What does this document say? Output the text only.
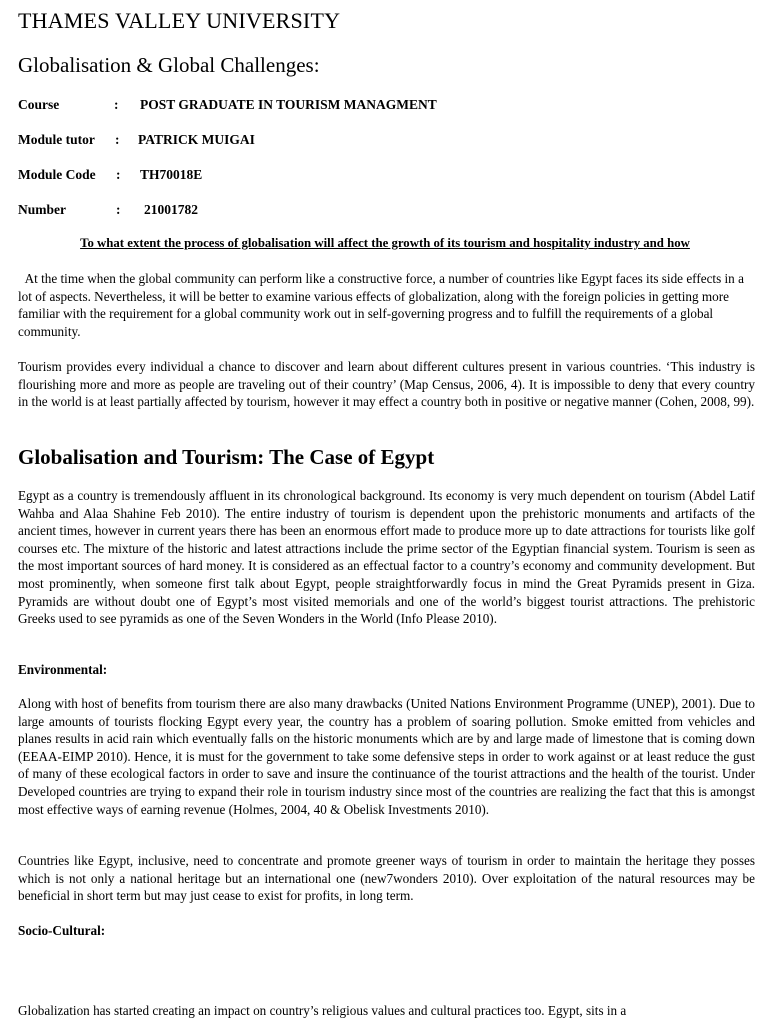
THAMES VALLEY UNIVERSITY
Globalisation & Global Challenges:
Course	: POST GRADUATE IN TOURISM MANAGMENT
Module tutor : PATRICK MUIGAI
Module Code : TH70018E
Number	: 21001782
To what extent the process of globalisation will affect the growth of its tourism and hospitality industry and how

At the time when the global community can perform like a constructive force, a number of countries like Egypt faces its side effects in a lot of aspects. Nevertheless, it will be better to examine various effects of globalization, along with the foreign policies in getting more familiar with the requirement for a global community work out in self-governing progress and to fulfill the requirements of a global community.

Tourism provides every individual a chance to discover and learn about different cultures present in various countries. ‘This industry is flourishing more and more as people are traveling out of their country’ (Map Census, 2006, 4). It is impossible to deny that every country in the world is at least partially affected by tourism, however it may effect a country both in positive or negative manner (Cohen, 2008, 99).

Globalisation and Tourism: The Case of Egypt

Egypt as a country is tremendously affluent in its chronological background. Its economy is very much dependent on tourism (Abdel Latif Wahba and Alaa Shahine Feb 2010). The entire industry of tourism is dependent upon the prehistoric monuments and artifacts of the ancient times, however in current years there has been an enormous effort made to produce more up to date attractions for tourists like golf courses etc. The mixture of the historic and latest attractions include the prime sector of the Egyptian financial system. Tourism is seen as the most important sources of hard money. It is considered as an effectual factor to a country’s economy and community development. But most prominently, when someone first talk about Egypt, people straightforwardly focus in mind the Great Pyramids present in Giza. Pyramids are without doubt one of Egypt’s most visited memorials and one of the world’s biggest tourist attractions. The prehistoric Greeks used to see pyramids as one of the Seven Wonders in the World (Info Please 2010).

Environmental:

Along with host of benefits from tourism there are also many drawbacks (United Nations Environment Programme (UNEP), 2001). Due to large amounts of tourists flocking Egypt every year, the country has a problem of soaring pollution. Smoke emitted from vehicles and planes results in acid rain which eventually falls on the historic monuments which are by and large made of limestone that is coming down (EEAA-EIMP 2010). Hence, it is must for the government to take some defensive steps in order to work against or at least reduce the gust of many of these ecological factors in order to save and insure the continuance of the tourist attractions and the health of the tourist. Under Developed countries are trying to expand their role in tourism industry since most of the countries are realizing the fact that this is amongst most effective ways of earning revenue (Holmes, 2004, 40 & Obelisk Investments 2010).

Countries like Egypt, inclusive, need to concentrate and promote greener ways of tourism in order to maintain the heritage they posses which is not only a national heritage but an international one (new7wonders 2010). Over exploitation of the natural resources may be beneficial in short term but may just cease to exist for profits, in long term.

Socio-Cultural:

Globalization has started creating an impact on country’s religious values and cultural practices too. Egypt, sits in a
